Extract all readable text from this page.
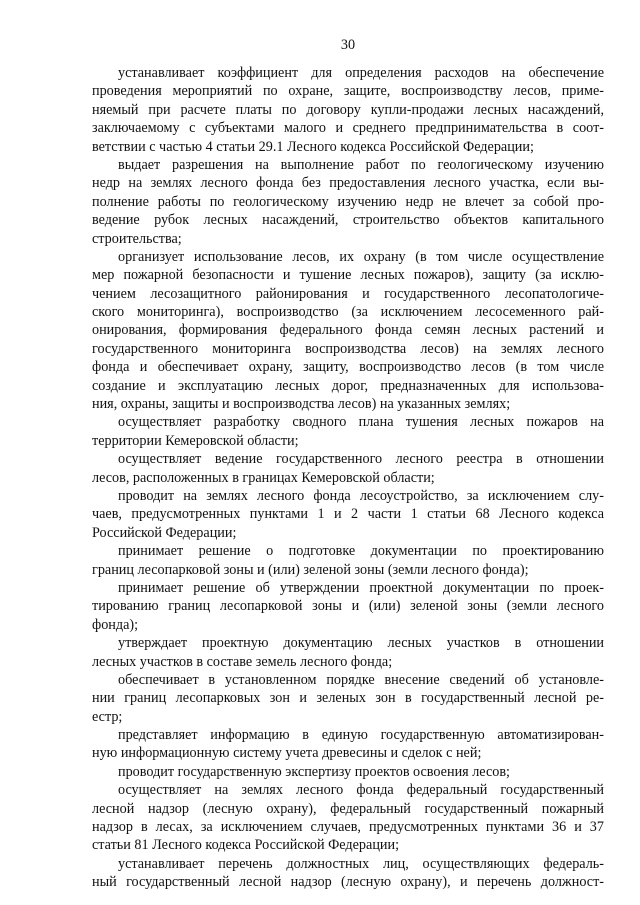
30
устанавливает коэффициент для определения расходов на обеспечение
проведения мероприятий по охране, защите, воспроизводству лесов, приме-
няемый при расчете платы по договору купли-продажи лесных насаждений,
заключаемому с субъектами малого и среднего предпринимательства в соот-
ветствии с частью 4 статьи 29.1 Лесного кодекса Российской Федерации;
выдает разрешения на выполнение работ по геологическому изучению
недр на землях лесного фонда без предоставления лесного участка, если вы-
полнение работы по геологическому изучению недр не влечет за собой про-
ведение рубок лесных насаждений, строительство объектов капитального
строительства;
организует использование лесов, их охрану (в том числе осуществление
мер пожарной безопасности и тушение лесных пожаров), защиту (за исклю-
чением лесозащитного районирования и государственного лесопатологиче-
ского мониторинга), воспроизводство (за исключением лесосеменного рай-
онирования, формирования федерального фонда семян лесных растений и
государственного мониторинга воспроизводства лесов) на землях лесного
фонда и обеспечивает охрану, защиту, воспроизводство лесов (в том числе
создание и эксплуатацию лесных дорог, предназначенных для использова-
ния, охраны, защиты и воспроизводства лесов) на указанных землях;
осуществляет разработку сводного плана тушения лесных пожаров на
территории Кемеровской области;
осуществляет ведение государственного лесного реестра в отношении
лесов, расположенных в границах Кемеровской области;
проводит на землях лесного фонда лесоустройство, за исключением слу-
чаев, предусмотренных пунктами 1 и 2 части 1 статьи 68 Лесного кодекса
Российской Федерации;
принимает решение о подготовке документации по проектированию
границ лесопарковой зоны и (или) зеленой зоны (земли лесного фонда);
принимает решение об утверждении проектной документации по проек-
тированию границ лесопарковой зоны и (или) зеленой зоны (земли лесного
фонда);
утверждает проектную документацию лесных участков в отношении
лесных участков в составе земель лесного фонда;
обеспечивает в установленном порядке внесение сведений об установле-
нии границ лесопарковых зон и зеленых зон в государственный лесной ре-
естр;
представляет информацию в единую государственную автоматизирован-
ную информационную систему учета древесины и сделок с ней;
проводит государственную экспертизу проектов освоения лесов;
осуществляет на землях лесного фонда федеральный государственный
лесной надзор (лесную охрану), федеральный государственный пожарный
надзор в лесах, за исключением случаев, предусмотренных пунктами 36 и 37
статьи 81 Лесного кодекса Российской Федерации;
устанавливает перечень должностных лиц, осуществляющих федераль-
ный государственный лесной надзор (лесную охрану), и перечень должност-
